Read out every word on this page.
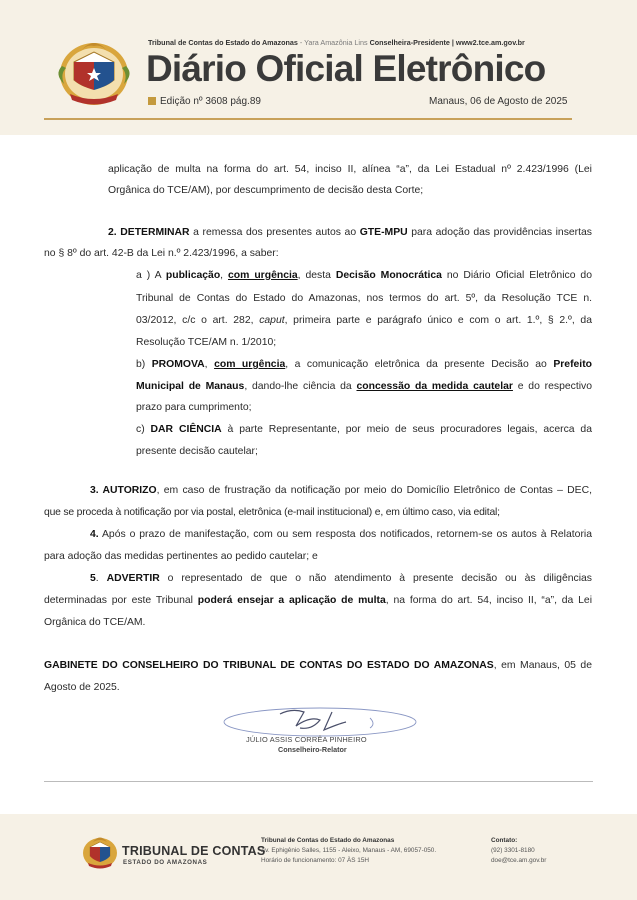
Tribunal de Contas do Estado do Amazonas - Yara Amazônia Lins Conselheira-Presidente | www2.tce.am.gov.br
Diário Oficial Eletrônico
Edição nº 3608 pág.89	Manaus, 06 de Agosto de 2025
aplicação de multa na forma do art. 54, inciso II, alínea “a”, da Lei Estadual nº 2.423/1996 (Lei
Orgânica do TCE/AM), por descumprimento de decisão desta Corte;
2. DETERMINAR a remessa dos presentes autos ao GTE-MPU para adoção das providências insertas
no § 8º do art. 42-B da Lei n.º 2.423/1996, a saber:
a ) A publicação, com urgência, desta Decisão Monocrática no Diário Oficial Eletrônico do
Tribunal de Contas do Estado do Amazonas, nos termos do art. 5º, da Resolução TCE n.
03/2012, c/c o art. 282, caput, primeira parte e parágrafo único e com o art. 1.º, § 2.º, da
Resolução TCE/AM n. 1/2010;
b) PROMOVA, com urgência, a comunicação eletrônica da presente Decisão ao Prefeito
Municipal de Manaus, dando-lhe ciência da concessão da medida cautelar e do respectivo
prazo para cumprimento;
c) DAR CIÊNCIA à parte Representante, por meio de seus procuradores legais, acerca da
presente decisão cautelar;
3. AUTORIZO, em caso de frustração da notificação por meio do Domicílio Eletrônico de Contas – DEC,
que se proceda à notificação por via postal, eletrônica (e-mail institucional) e, em último caso, via edital;
4. Após o prazo de manifestação, com ou sem resposta dos notificados, retornem-se os autos à Relatoria
para adoção das medidas pertinentes ao pedido cautelar; e
5. ADVERTIR o representado de que o não atendimento à presente decisão ou às diligências
determinadas por este Tribunal poderá ensejar a aplicação de multa, na forma do art. 54, inciso II, “a”, da Lei
Orgânica do TCE/AM.
GABINETE DO CONSELHEIRO DO TRIBUNAL DE CONTAS DO ESTADO DO AMAZONAS, em Manaus, 05 de
Agosto de 2025.
JÚLIO ASSIS CORRÊA PINHEIRO
Conselheiro-Relator
TRIBUNAL DE CONTAS
ESTADO DO AMAZONAS
Tribunal de Contas do Estado do Amazonas
Av. Ephigênio Salles, 1155 - Aleixo, Manaus - AM, 69057-050.
Horário de funcionamento: 07 ÀS 15H
Contato:
(92) 3301-8180
doe@tce.am.gov.br
